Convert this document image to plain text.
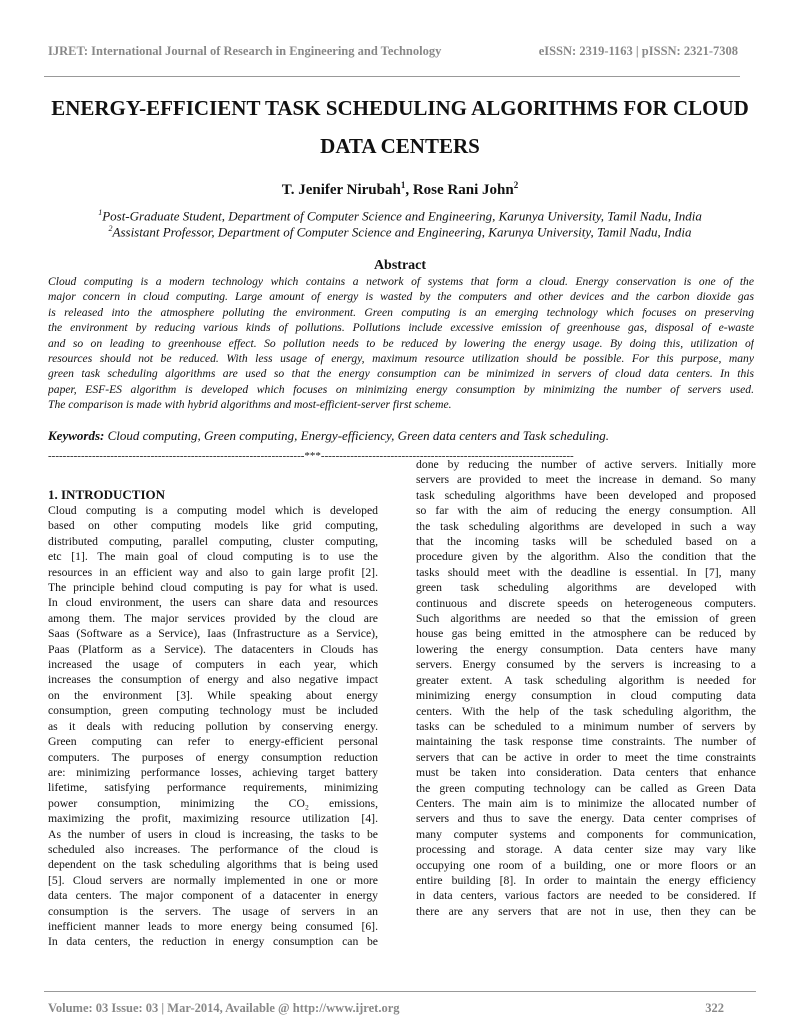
IJRET: International Journal of Research in Engineering and Technology	eISSN: 2319-1163 | pISSN: 2321-7308
ENERGY-EFFICIENT TASK SCHEDULING ALGORITHMS FOR CLOUD
DATA CENTERS
T. Jenifer Nirubah$^1$, Rose Rani John$^2$
$^1$Post-Graduate Student, Department of Computer Science and Engineering, Karunya University, Tamil Nadu, India
$^2$Assistant Professor, Department of Computer Science and Engineering, Karunya University, Tamil Nadu, India
Abstract
Cloud computing is a modern technology which contains a network of systems that form a cloud. Energy conservation is one of the
major concern in cloud computing. Large amount of energy is wasted by the computers and other devices and the carbon dioxide gas
is released into the atmosphere polluting the environment. Green computing is an emerging technology which focuses on preserving
the environment by reducing various kinds of pollutions. Pollutions include excessive emission of greenhouse gas, disposal of e-waste
and so on leading to greenhouse effect. So pollution needs to be reduced by lowering the energy usage. By doing this, utilization of
resources should not be reduced. With less usage of energy, maximum resource utilization should be possible. For this purpose, many
green task scheduling algorithms are used so that the energy consumption can be minimized in servers of cloud data centers. In this
paper, ESF-ES algorithm is developed which focuses on minimizing energy consumption by minimizing the number of servers used.
The comparison is made with hybrid algorithms and most-efficient-server first scheme.
Keywords: Cloud computing, Green computing, Energy-efficiency, Green data centers and Task scheduling.
----------------------------------------------------------------------***---------------------------------------------------------------------
1. INTRODUCTION
Cloud computing is a computing model which is developed
based on other computing models like grid computing,
distributed computing, parallel computing, cluster computing,
etc [1]. The main goal of cloud computing is to use the
resources in an efficient way and also to gain large profit [2].
The principle behind cloud computing is pay for what is used.
In cloud environment, the users can share data and resources
among them. The major services provided by the cloud are
Saas (Software as a Service), Iaas (Infrastructure as a Service),
Paas (Platform as a Service). The datacenters in Clouds has
increased the usage of computers in each year, which
increases the consumption of energy and also negative impact
on the environment [3]. While speaking about energy
consumption, green computing technology must be included
as it deals with reducing pollution by conserving energy.
Green computing can refer to energy-efficient personal
computers. The purposes of energy consumption reduction
are: minimizing performance losses, achieving target battery
lifetime, satisfying performance requirements, minimizing
power consumption, minimizing the CO₂ emissions,
maximizing the profit, maximizing resource utilization [4].
As the number of users in cloud is increasing, the tasks to be
scheduled also increases. The performance of the cloud is
dependent on the task scheduling algorithms that is being used
[5]. Cloud servers are normally implemented in one or more
data centers. The major component of a datacenter in energy
consumption is the servers. The usage of servers in an
inefficient manner leads to more energy being consumed [6].
In data centers, the reduction in energy consumption can be
done by reducing the number of active servers. Initially more
servers are provided to meet the increase in demand. So many
task scheduling algorithms have been developed and proposed
so far with the aim of reducing the energy consumption. All
the task scheduling algorithms are developed in such a way
that the incoming tasks will be scheduled based on a
procedure given by the algorithm. Also the condition that the
tasks should meet with the deadline is essential. In [7], many
green task scheduling algorithms are developed with
continuous and discrete speeds on heterogeneous computers.
Such algorithms are needed so that the emission of green
house gas being emitted in the atmosphere can be reduced by
lowering the energy consumption. Data centers have many
servers. Energy consumed by the servers is increasing to a
greater extent. A task scheduling algorithm is needed for
minimizing energy consumption in cloud computing data
centers. With the help of the task scheduling algorithm, the
tasks can be scheduled to a minimum number of servers by
maintaining the task response time constraints. The number of
servers that can be active in order to meet the time constraints
must be taken into consideration. Data centers that enhance
the green computing technology can be called as Green Data
Centers. The main aim is to minimize the allocated number of
servers and thus to save the energy. Data center comprises of
many computer systems and components for communication,
processing and storage. A data center size may vary like
occupying one room of a building, one or more floors or an
entire building [8]. In order to maintain the energy efficiency
in data centers, various factors are needed to be considered. If
there are any servers that are not in use, then they can be
Volume: 03 Issue: 03 | Mar-2014, Available @ http://www.ijret.org	322
